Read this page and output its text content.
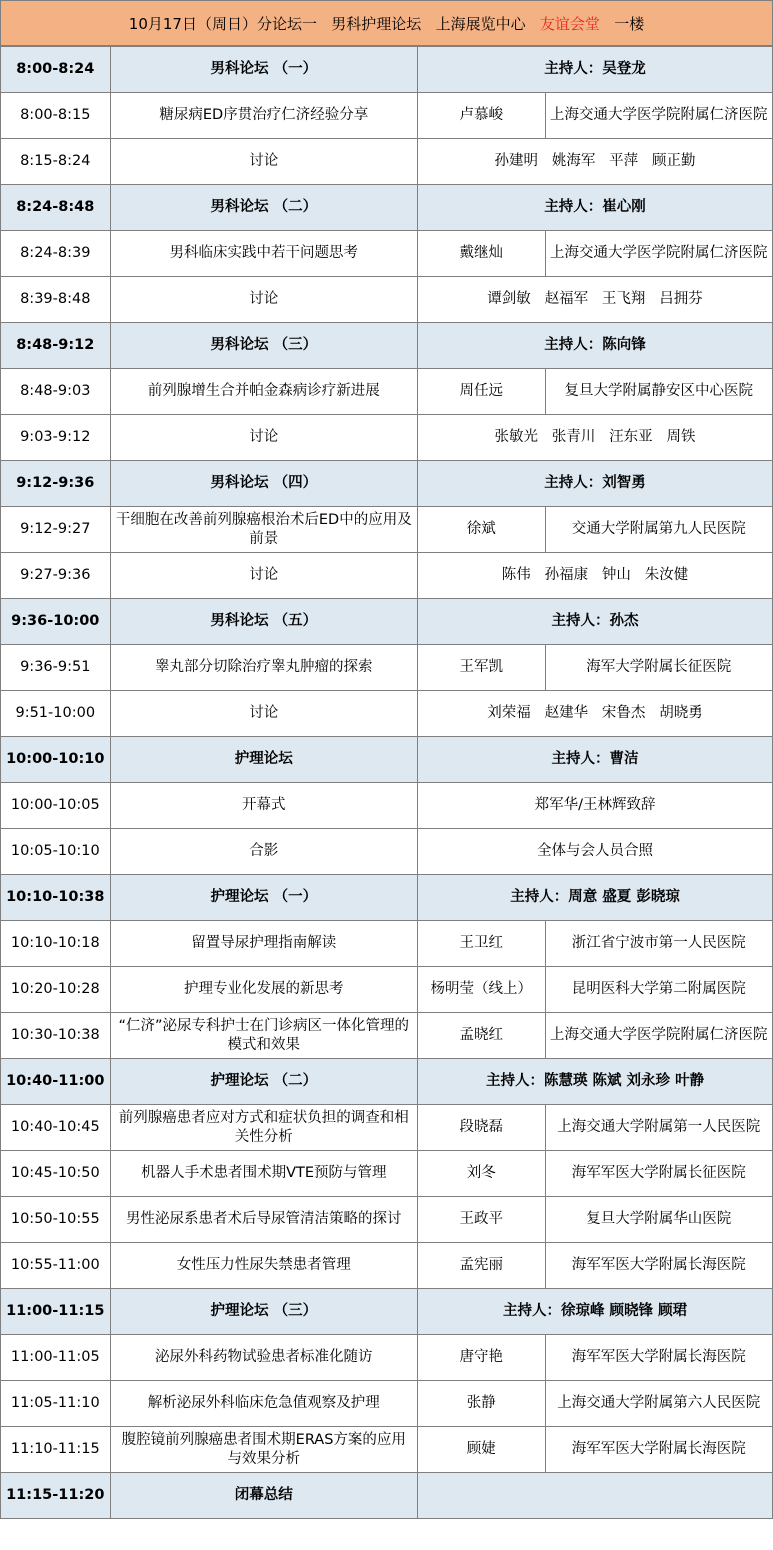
10月17日（周日）分论坛一   男科护理论坛   上海展览中心 友谊会堂 一楼
8:00-8:24	男科论坛 （一）	主持人：吴登龙	
8:00-8:15	糖尿病ED序贯治疗仁济经验分享	卢慕峻	上海交通大学医学院附属仁济医院
8:15-8:24	讨论	孙建明   姚海军   平萍   顾正勤	
8:24-8:48	男科论坛 （二）	主持人：崔心刚	
8:24-8:39	男科临床实践中若干问题思考	戴继灿	上海交通大学医学院附属仁济医院
8:39-8:48	讨论	谭剑敏   赵福军   王飞翔   吕拥芬	
8:48-9:12	男科论坛 （三）	主持人：陈向锋	
8:48-9:03	前列腺增生合并帕金森病诊疗新进展	周任远	复旦大学附属静安区中心医院
9:03-9:12	讨论	张敏光   张青川   汪东亚   周铁	
9:12-9:36	男科论坛 （四）	主持人：刘智勇	
9:12-9:27	干细胞在改善前列腺癌根治术后ED中的应用及前景	徐斌	交通大学附属第九人民医院
9:27-9:36	讨论	陈伟   孙福康   钟山   朱汝健	
9:36-10:00	男科论坛 （五）	主持人：孙杰	
9:36-9:51	睾丸部分切除治疗睾丸肿瘤的探索	王军凯	海军大学附属长征医院
9:51-10:00	讨论	刘荣福   赵建华   宋鲁杰   胡晓勇	
10:00-10:10	护理论坛	主持人：曹洁	
10:00-10:05	开幕式	郑军华/王林辉致辞	
10:05-10:10	合影	全体与会人员合照	
10:10-10:38	护理论坛 （一）	主持人：周意 盛夏 彭晓琼	
10:10-10:18	留置导尿护理指南解读	王卫红	浙江省宁波市第一人民医院
10:20-10:28	护理专业化发展的新思考	杨明莹（线上）	昆明医科大学第二附属医院
10:30-10:38	“仁济”泌尿专科护士在门诊病区一体化管理的模式和效果	孟晓红	上海交通大学医学院附属仁济医院
10:40-11:00	护理论坛 （二）	主持人：陈慧瑛 陈斌 刘永珍 叶静	
10:40-10:45	前列腺癌患者应对方式和症状负担的调查和相关性分析	段晓磊	上海交通大学附属第一人民医院
10:45-10:50	机器人手术患者围术期VTE预防与管理	刘冬	海军军医大学附属长征医院
10:50-10:55	男性泌尿系患者术后导尿管清洁策略的探讨	王政平	复旦大学附属华山医院
10:55-11:00	女性压力性尿失禁患者管理	孟宪丽	海军军医大学附属长海医院
11:00-11:15	护理论坛 （三）	主持人：徐琼峰 顾晓锋 顾珺	
11:00-11:05	泌尿外科药物试验患者标准化随访	唐守艳	海军军医大学附属长海医院
11:05-11:10	解析泌尿外科临床危急值观察及护理	张静	上海交通大学附属第六人民医院
11:10-11:15	腹腔镜前列腺癌患者围术期ERAS方案的应用与效果分析	顾婕	海军军医大学附属长海医院
11:15-11:20	闭幕总结		
